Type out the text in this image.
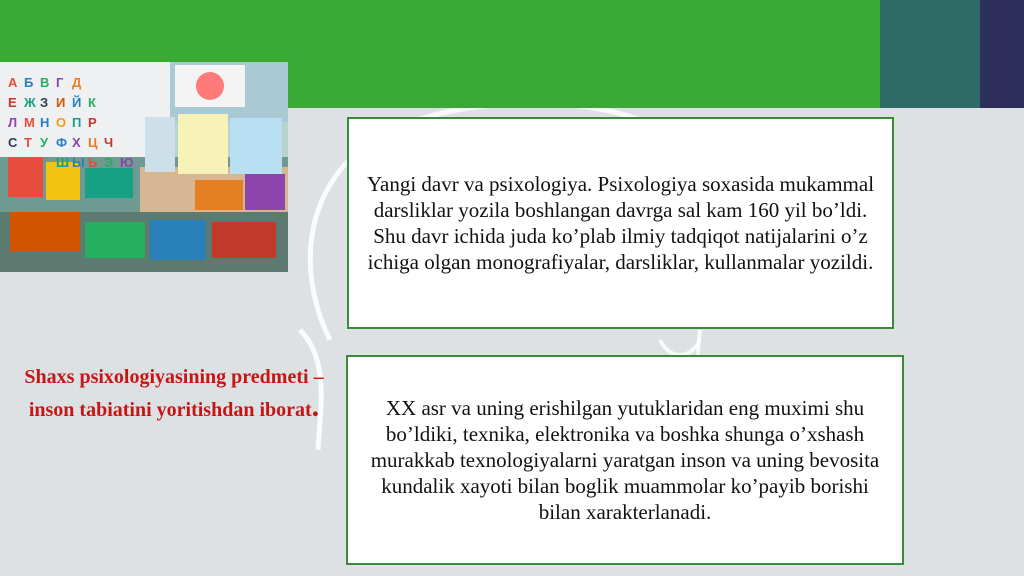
А Б В Г Д
Е Ж З И Й К
Л М Н О П Р
С Т У Ф Х Ц Ч
Ш Ы Ь Э Ю
Yangi davr va psixologiya. Psixologiya soxasida mukammal darsliklar yozila boshlangan davrga sal kam 160 yil bo’ldi. Shu davr ichida juda ko’plab ilmiy tadqiqot natijalarini o’z ichiga olgan monografiyalar, darsliklar, kullanmalar yozildi.
XX asr va uning erishilgan yutuklaridan eng muximi shu bo’ldiki, texnika, elektronika va boshka shunga o’xshash murakkab texnologiyalarni yaratgan inson va uning bevosita kundalik xayoti bilan boglik muammolar ko’payib borishi bilan xarakterlanadi.
Shaxs psixologiyasining predmeti – inson tabiatini yoritishdan iborat.
